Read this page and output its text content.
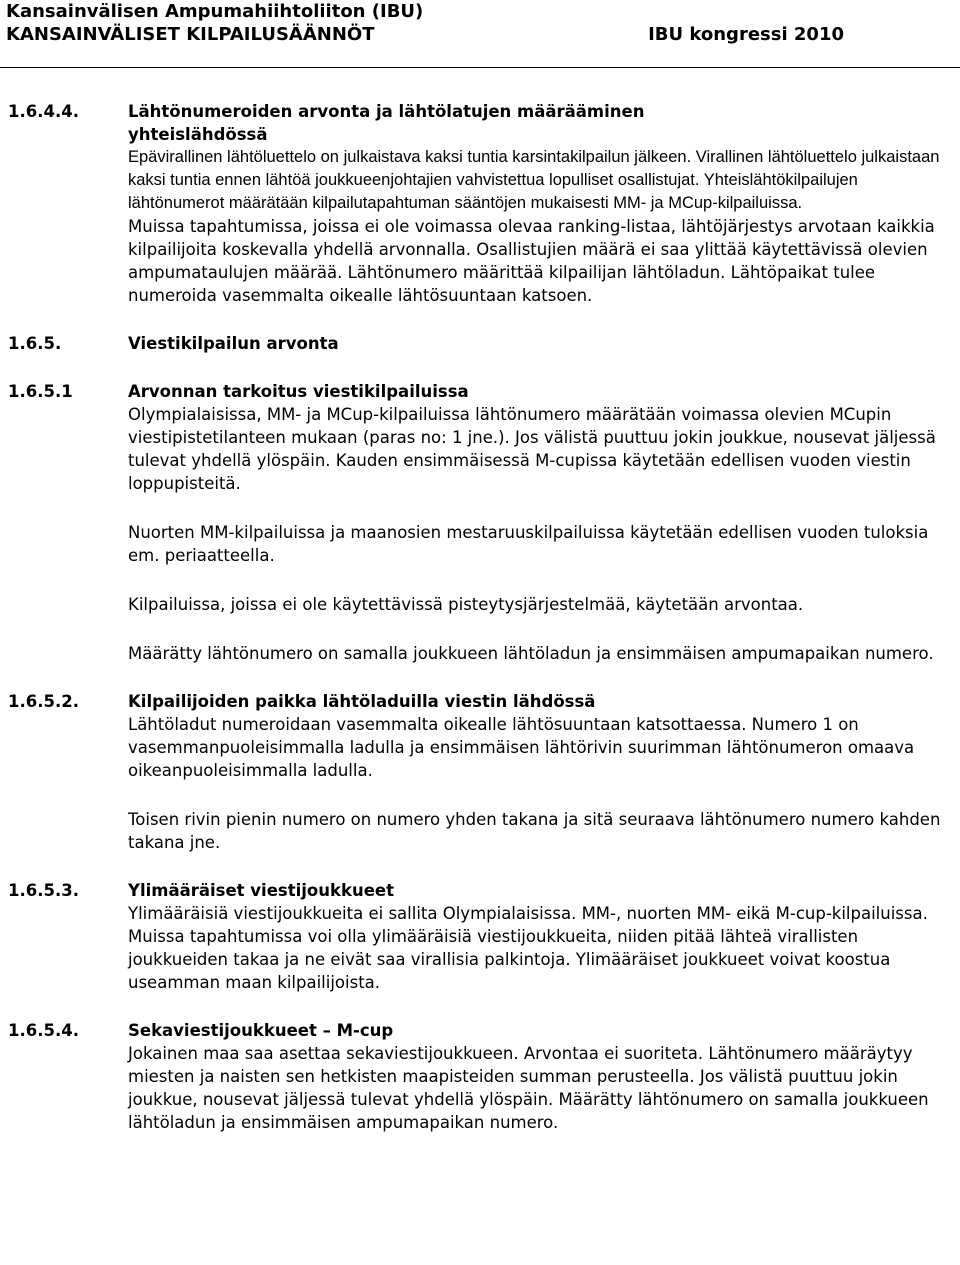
Kansainvälisen Ampumahiihtoliiton (IBU)
KANSAINVÄLISET KILPAILUSÄÄNNÖT	IBU kongressi 2010
1.6.4.4.	Lähtönumeroiden arvonta ja lähtölatujen määrääminen
yhteislähdössä

Epävirallinen lähtöluettelo on julkaistava kaksi tuntia karsintakilpailun jälkeen. Virallinen lähtöluettelo julkaistaan kaksi tuntia ennen lähtöä joukkueenjohtajien vahvistettua lopulliset osallistujat. Yhteislähtökilpailujen lähtönumerot määrätään kilpailutapahtuman sääntöjen mukaisesti MM- ja MCup-kilpailuissa.

Muissa tapahtumissa, joissa ei ole voimassa olevaa ranking-listaa, lähtöjärjestys arvotaan kaikkia kilpailijoita koskevalla yhdellä arvonnalla. Osallistujien määrä ei saa ylittää käytettävissä olevien ampumataulujen määrää. Lähtönumero määrittää kilpailijan lähtöladun. Lähtöpaikat tulee numeroida vasemmalta oikealle lähtösuuntaan katsoen.

1.6.5.	Viestikilpailun arvonta
1.6.5.1	Arvonnan tarkoitus viestikilpailuissa

Olympialaisissa, MM- ja MCup-kilpailuissa lähtönumero määrätään voimassa olevien MCupin viestipistetilanteen mukaan (paras no: 1 jne.). Jos välistä puuttuu jokin joukkue, nousevat jäljessä tulevat yhdellä ylöspäin. Kauden ensimmäisessä M-cupissa käytetään edellisen vuoden viestin loppupisteitä.

Nuorten MM-kilpailuissa ja maanosien mestaruuskilpailuissa käytetään edellisen vuoden tuloksia em. periaatteella.

Kilpailuissa, joissa ei ole käytettävissä pisteytysjärjestelmää, käytetään arvontaa.

Määrätty lähtönumero on samalla joukkueen lähtöladun ja ensimmäisen ampumapaikan numero.

1.6.5.2.	Kilpailijoiden paikka lähtöladuilla viestin lähdössä

Lähtöladut numeroidaan vasemmalta oikealle lähtösuuntaan katsottaessa. Numero 1 on vasemmanpuoleisimmalla ladulla ja ensimmäisen lähtörivin suurimman lähtönumeron omaava oikeanpuoleisimmalla ladulla.

Toisen rivin pienin numero on numero yhden takana ja sitä seuraava lähtönumero numero kahden takana jne.

1.6.5.3.	Ylimääräiset viestijoukkueet

Ylimääräisiä viestijoukkueita ei sallita Olympialaisissa. MM-, nuorten MM- eikä M-cup-kilpailuissa. Muissa tapahtumissa voi olla ylimääräisiä viestijoukkueita, niiden pitää lähteä virallisten joukkueiden takaa ja ne eivät saa virallisia palkintoja. Ylimääräiset joukkueet voivat koostua useamman maan kilpailijoista.

1.6.5.4.	Sekaviestijoukkueet – M-cup

Jokainen maa saa asettaa sekaviestijoukkueen. Arvontaa ei suoriteta. Lähtönumero määräytyy miesten ja naisten sen hetkisten maapisteiden summan perusteella. Jos välistä puuttuu jokin joukkue, nousevat jäljessä tulevat yhdellä ylöspäin. Määrätty lähtönumero on samalla joukkueen lähtöladun ja ensimmäisen ampumapaikan numero.
